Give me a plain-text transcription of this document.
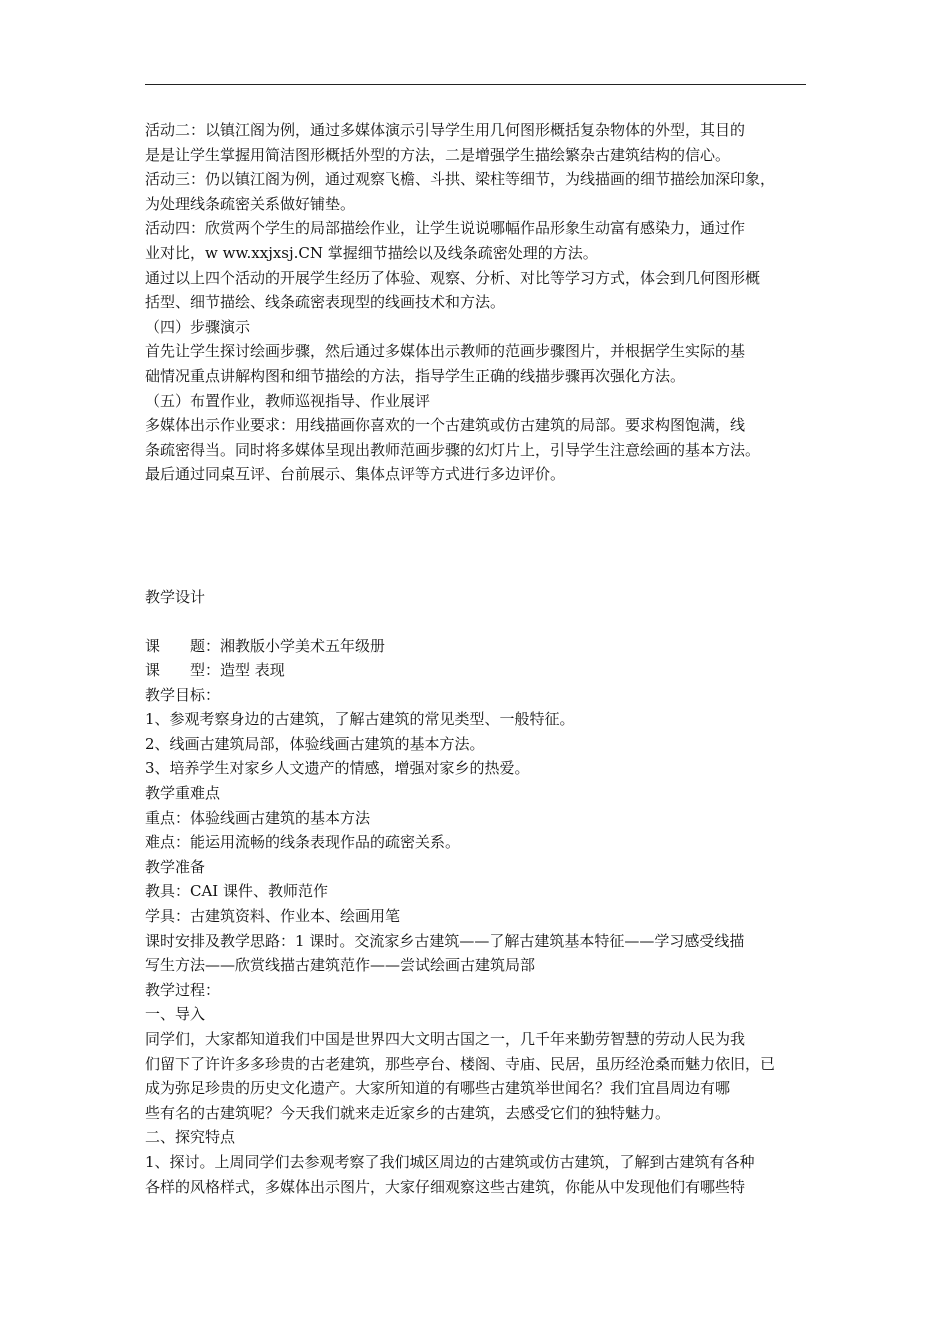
活动二：以镇江阁为例，通过多媒体演示引导学生用几何图形概括复杂物体的外型，其目的
是是让学生掌握用简洁图形概括外型的方法，二是增强学生描绘繁杂古建筑结构的信心。
活动三：仍以镇江阁为例，通过观察飞檐、斗拱、梁柱等细节，为线描画的细节描绘加深印象，
为处理线条疏密关系做好铺垫。
活动四：欣赏两个学生的局部描绘作业，让学生说说哪幅作品形象生动富有感染力，通过作
业对比，w ww.xxjxsj.CN 掌握细节描绘以及线条疏密处理的方法。
通过以上四个活动的开展学生经历了体验、观察、分析、对比等学习方式，体会到几何图形概
括型、细节描绘、线条疏密表现型的线画技术和方法。
（四）步骤演示
首先让学生探讨绘画步骤，然后通过多媒体出示教师的范画步骤图片，并根据学生实际的基
础情况重点讲解构图和细节描绘的方法，指导学生正确的线描步骤再次强化方法。
（五）布置作业，教师巡视指导、作业展评
多媒体出示作业要求：用线描画你喜欢的一个古建筑或仿古建筑的局部。要求构图饱满，线
条疏密得当。同时将多媒体呈现出教师范画步骤的幻灯片上，引导学生注意绘画的基本方法。
最后通过同桌互评、台前展示、集体点评等方式进行多边评价。
教学设计
课　　题：湘教版小学美术五年级册
课　　型：造型 表现
教学目标：
1、参观考察身边的古建筑，了解古建筑的常见类型、一般特征。
2、线画古建筑局部，体验线画古建筑的基本方法。
3、培养学生对家乡人文遗产的情感，增强对家乡的热爱。
教学重难点
重点：体验线画古建筑的基本方法
难点：能运用流畅的线条表现作品的疏密关系。
教学准备
教具：CAI 课件、教师范作
学具：古建筑资料、作业本、绘画用笔
课时安排及教学思路：1 课时。交流家乡古建筑——了解古建筑基本特征——学习感受线描
写生方法——欣赏线描古建筑范作——尝试绘画古建筑局部
教学过程：
一、导入
同学们，大家都知道我们中国是世界四大文明古国之一，几千年来勤劳智慧的劳动人民为我
们留下了许许多多珍贵的古老建筑，那些亭台、楼阁、寺庙、民居，虽历经沧桑而魅力依旧，已
成为弥足珍贵的历史文化遗产。大家所知道的有哪些古建筑举世闻名？我们宜昌周边有哪
些有名的古建筑呢？今天我们就来走近家乡的古建筑，去感受它们的独特魅力。
二、探究特点
1、探讨。上周同学们去参观考察了我们城区周边的古建筑或仿古建筑，了解到古建筑有各种
各样的风格样式，多媒体出示图片，大家仔细观察这些古建筑，你能从中发现他们有哪些特
